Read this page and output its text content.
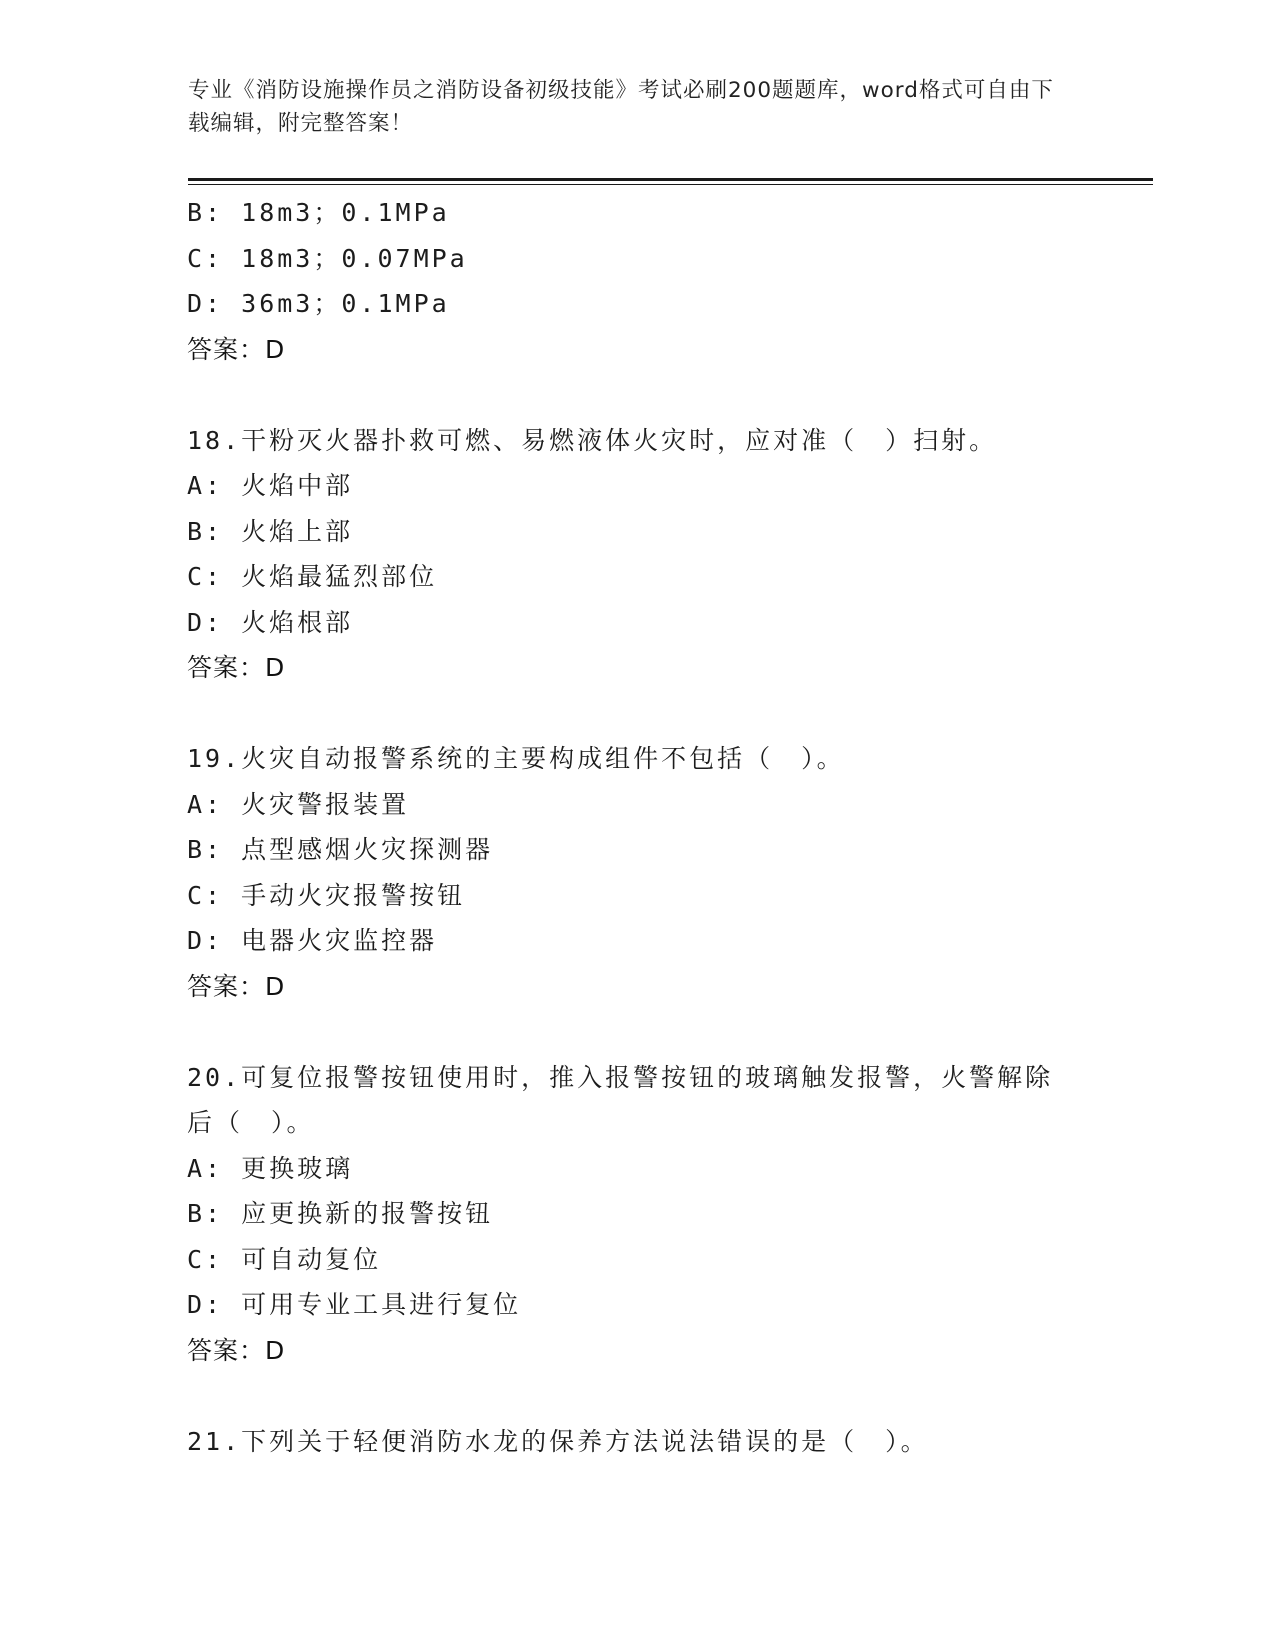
专业《消防设施操作员之消防设备初级技能》考试必刷200题题库，word格式可自由下载编辑，附完整答案！
B: 18m3；0.1MPa
C: 18m3；0.07MPa
D: 36m3；0.1MPa
答案：D
18.干粉灭火器扑救可燃、易燃液体火灾时，应对准（　）扫射。
A: 火焰中部
B: 火焰上部
C: 火焰最猛烈部位
D: 火焰根部
答案：D
19.火灾自动报警系统的主要构成组件不包括（　）。
A: 火灾警报装置
B: 点型感烟火灾探测器
C: 手动火灾报警按钮
D: 电器火灾监控器
答案：D
20.可复位报警按钮使用时，推入报警按钮的玻璃触发报警，火警解除
后（　）。
A: 更换玻璃
B: 应更换新的报警按钮
C: 可自动复位
D: 可用专业工具进行复位
答案：D
21.下列关于轻便消防水龙的保养方法说法错误的是（　）。
